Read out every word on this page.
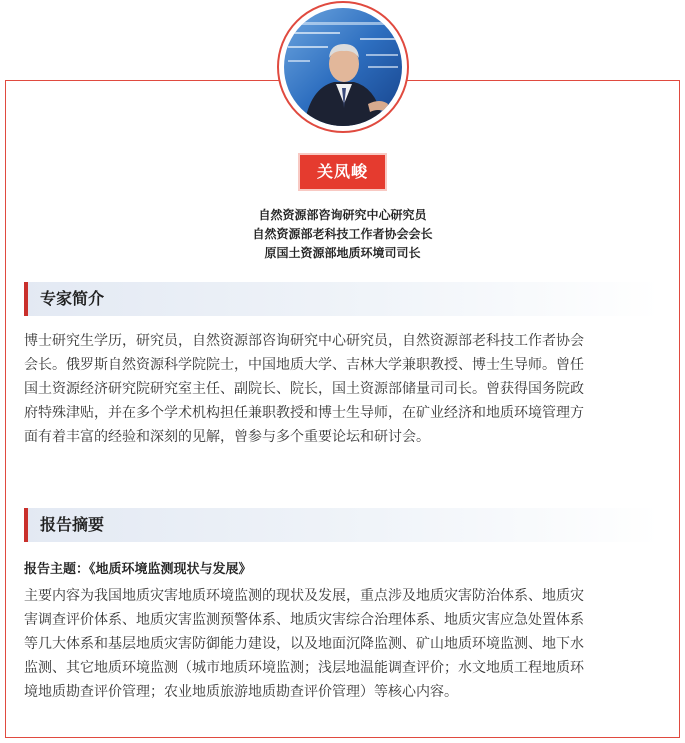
关凤峻
自然资源部咨询研究中心研究员
自然资源部老科技工作者协会会长
原国土资源部地质环境司司长
专家简介
博士研究生学历，研究员，自然资源部咨询研究中心研究员，自然资源部老科技工作者协会
会长。俄罗斯自然资源科学院院士，中国地质大学、吉林大学兼职教授、博士生导师。曾任
国土资源经济研究院研究室主任、副院长、院长，国土资源部储量司司长。曾获得国务院政
府特殊津贴，并在多个学术机构担任兼职教授和博士生导师，在矿业经济和地质环境管理方
面有着丰富的经验和深刻的见解，曾参与多个重要论坛和研讨会。
报告摘要
报告主题：《地质环境监测现状与发展》
主要内容为我国地质灾害地质环境监测的现状及发展，重点涉及地质灾害防治体系、地质灾
害调查评价体系、地质灾害监测预警体系、地质灾害综合治理体系、地质灾害应急处置体系
等几大体系和基层地质灾害防御能力建设，以及地面沉降监测、矿山地质环境监测、地下水
监测、其它地质环境监测（城市地质环境监测；浅层地温能调查评价；水文地质工程地质环
境地质勘查评价管理；农业地质旅游地质勘查评价管理）等核心内容。
